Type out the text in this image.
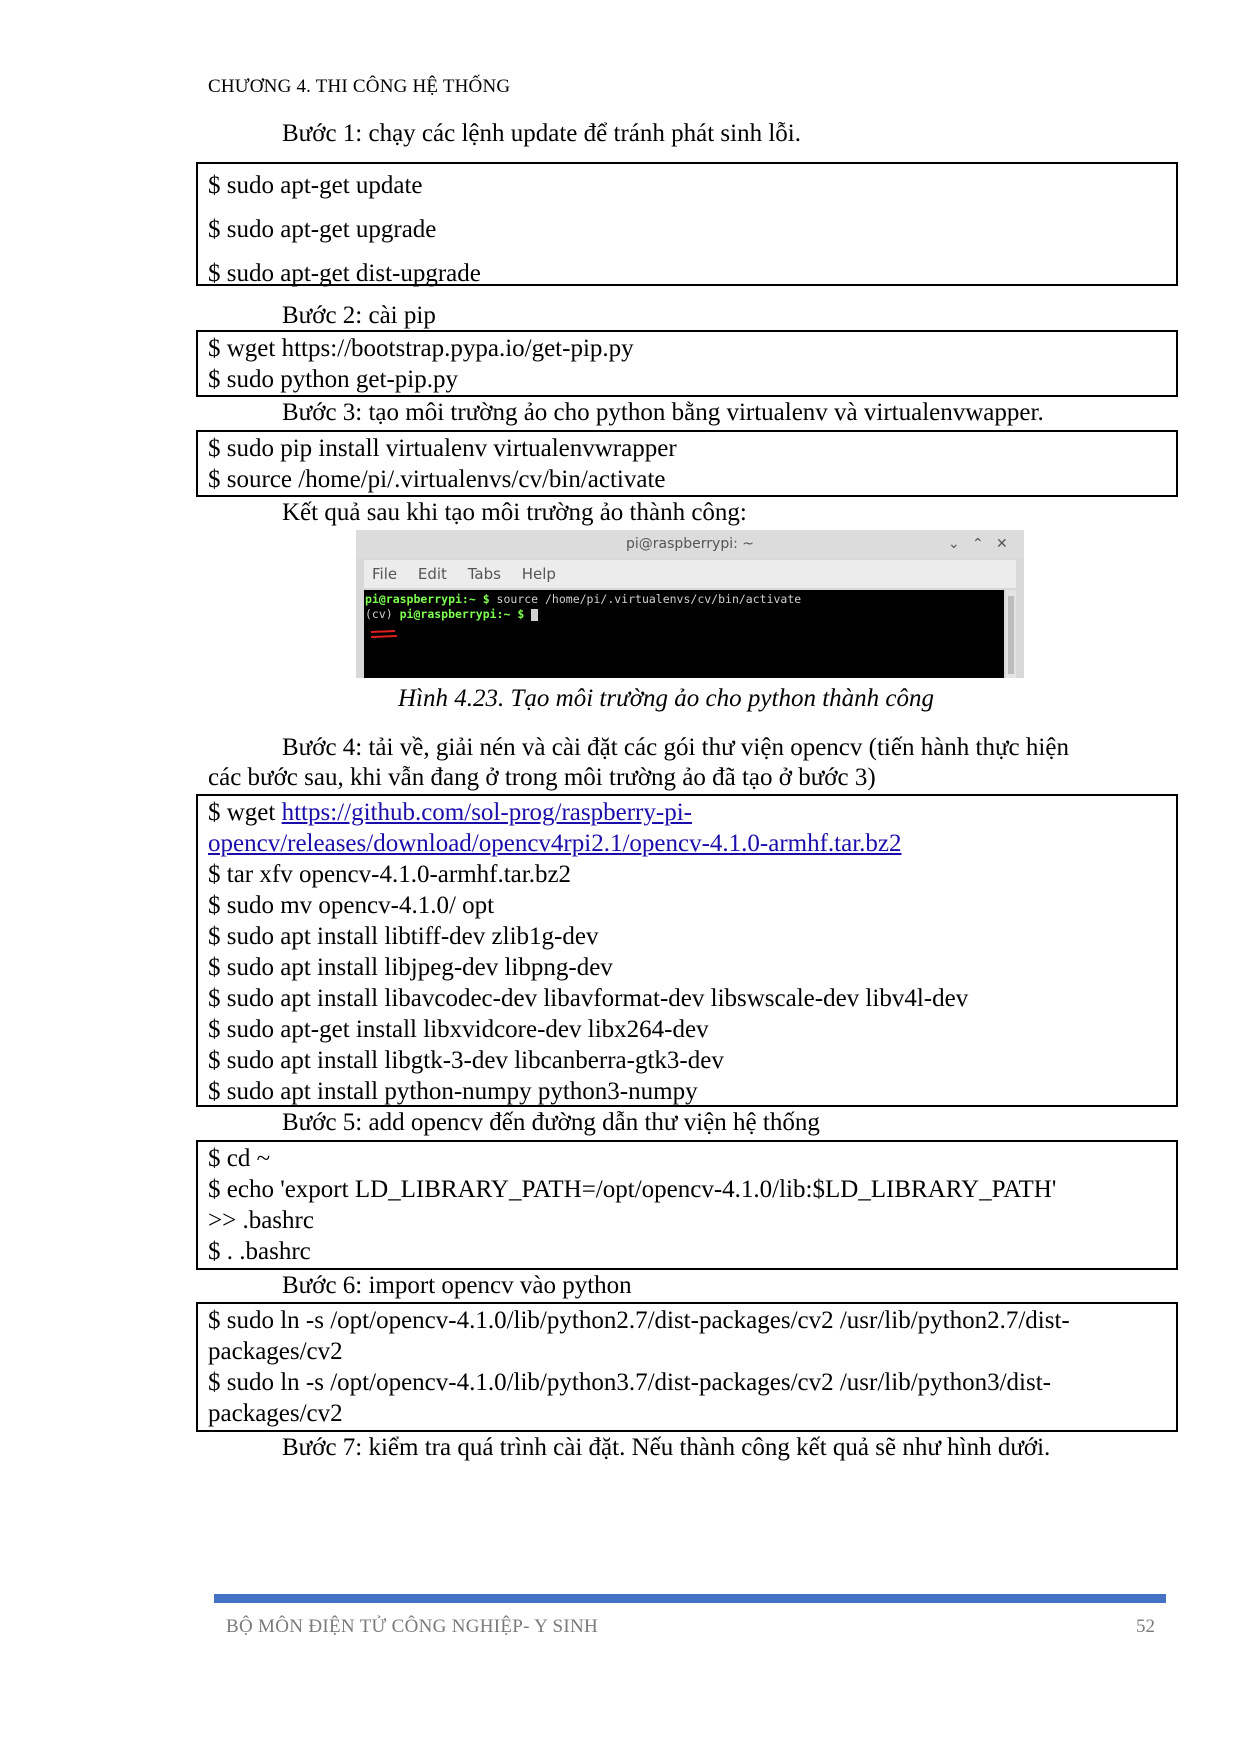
CHƯƠNG 4. THI CÔNG HỆ THỐNG
Bước 1: chạy các lệnh update để tránh phát sinh lỗi.
$ sudo apt-get update
$ sudo apt-get upgrade
$ sudo apt-get dist-upgrade
Bước 2: cài pip
$ wget https://bootstrap.pypa.io/get-pip.py
$ sudo python get-pip.py
Bước 3: tạo môi trường ảo cho python bằng virtualenv và virtualenvwapper.
$ sudo pip install virtualenv virtualenvwrapper
$ source /home/pi/.virtualenvs/cv/bin/activate
Kết quả sau khi tạo môi trường ảo thành công:
pi@raspberrypi: ~	⌄ ⌃ ✕
File Edit Tabs Help
pi@raspberrypi:~ $ source /home/pi/.virtualenvs/cv/bin/activate
(cv) pi@raspberrypi:~ $
Hình 4.23. Tạo môi trường ảo cho python thành công
Bước 4: tải về, giải nén và cài đặt các gói thư viện opencv (tiến hành thực hiện
các bước sau, khi vẫn đang ở trong môi trường ảo đã tạo ở bước 3)
$ wget https://github.com/sol-prog/raspberry-pi-
opencv/releases/download/opencv4rpi2.1/opencv-4.1.0-armhf.tar.bz2
$ tar xfv opencv-4.1.0-armhf.tar.bz2
$ sudo mv opencv-4.1.0/ opt
$ sudo apt install libtiff-dev zlib1g-dev
$ sudo apt install libjpeg-dev libpng-dev
$ sudo apt install libavcodec-dev libavformat-dev libswscale-dev libv4l-dev
$ sudo apt-get install libxvidcore-dev libx264-dev
$ sudo apt install libgtk-3-dev libcanberra-gtk3-dev
$ sudo apt install python-numpy python3-numpy
Bước 5: add opencv đến đường dẫn thư viện hệ thống
$ cd ~
$ echo 'export LD_LIBRARY_PATH=/opt/opencv-4.1.0/lib:$LD_LIBRARY_PATH'
>> .bashrc
$ . .bashrc
Bước 6: import opencv vào python
$ sudo ln -s /opt/opencv-4.1.0/lib/python2.7/dist-packages/cv2 /usr/lib/python2.7/dist-
packages/cv2
$ sudo ln -s /opt/opencv-4.1.0/lib/python3.7/dist-packages/cv2 /usr/lib/python3/dist-
packages/cv2
Bước 7: kiểm tra quá trình cài đặt. Nếu thành công kết quả sẽ như hình dưới.
BỘ MÔN ĐIỆN TỬ CÔNG NGHIỆP- Y SINH	52
